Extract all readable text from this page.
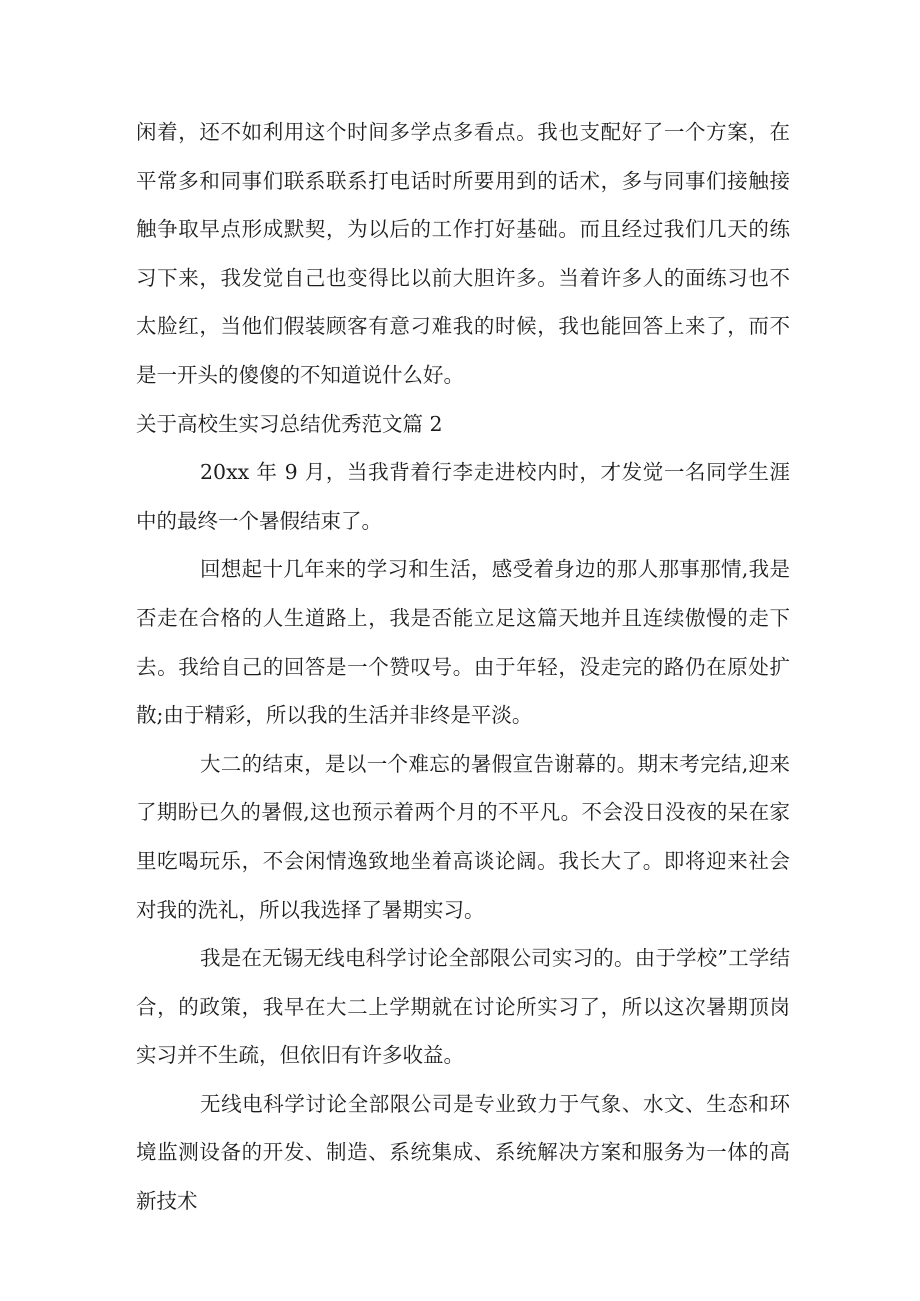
闲着，还不如利用这个时间多学点多看点。我也支配好了一个方案，在平常多和同事们联系联系打电话时所要用到的话术，多与同事们接触接触争取早点形成默契，为以后的工作打好基础。而且经过我们几天的练习下来，我发觉自己也变得比以前大胆许多。当着许多人的面练习也不太脸红，当他们假装顾客有意刁难我的时候，我也能回答上来了，而不是一开头的傻傻的不知道说什么好。

关于高校生实习总结优秀范文篇 2

20xx 年 9 月，当我背着行李走进校内时，才发觉一名同学生涯中的最终一个暑假结束了。

回想起十几年来的学习和生活，感受着身边的那人那事那情,我是否走在合格的人生道路上，我是否能立足这篇天地并且连续傲慢的走下去。我给自己的回答是一个赞叹号。由于年轻，没走完的路仍在原处扩散;由于精彩，所以我的生活并非终是平淡。

大二的结束，是以一个难忘的暑假宣告谢幕的。期末考完结,迎来了期盼已久的暑假,这也预示着两个月的不平凡。不会没日没夜的呆在家里吃喝玩乐，不会闲情逸致地坐着高谈论阔。我长大了。即将迎来社会对我的洗礼，所以我选择了暑期实习。

我是在无锡无线电科学讨论全部限公司实习的。由于学校”工学结合，的政策，我早在大二上学期就在讨论所实习了，所以这次暑期顶岗实习并不生疏，但依旧有许多收益。

无线电科学讨论全部限公司是专业致力于气象、水文、生态和环境监测设备的开发、制造、系统集成、系统解决方案和服务为一体的高新技术
